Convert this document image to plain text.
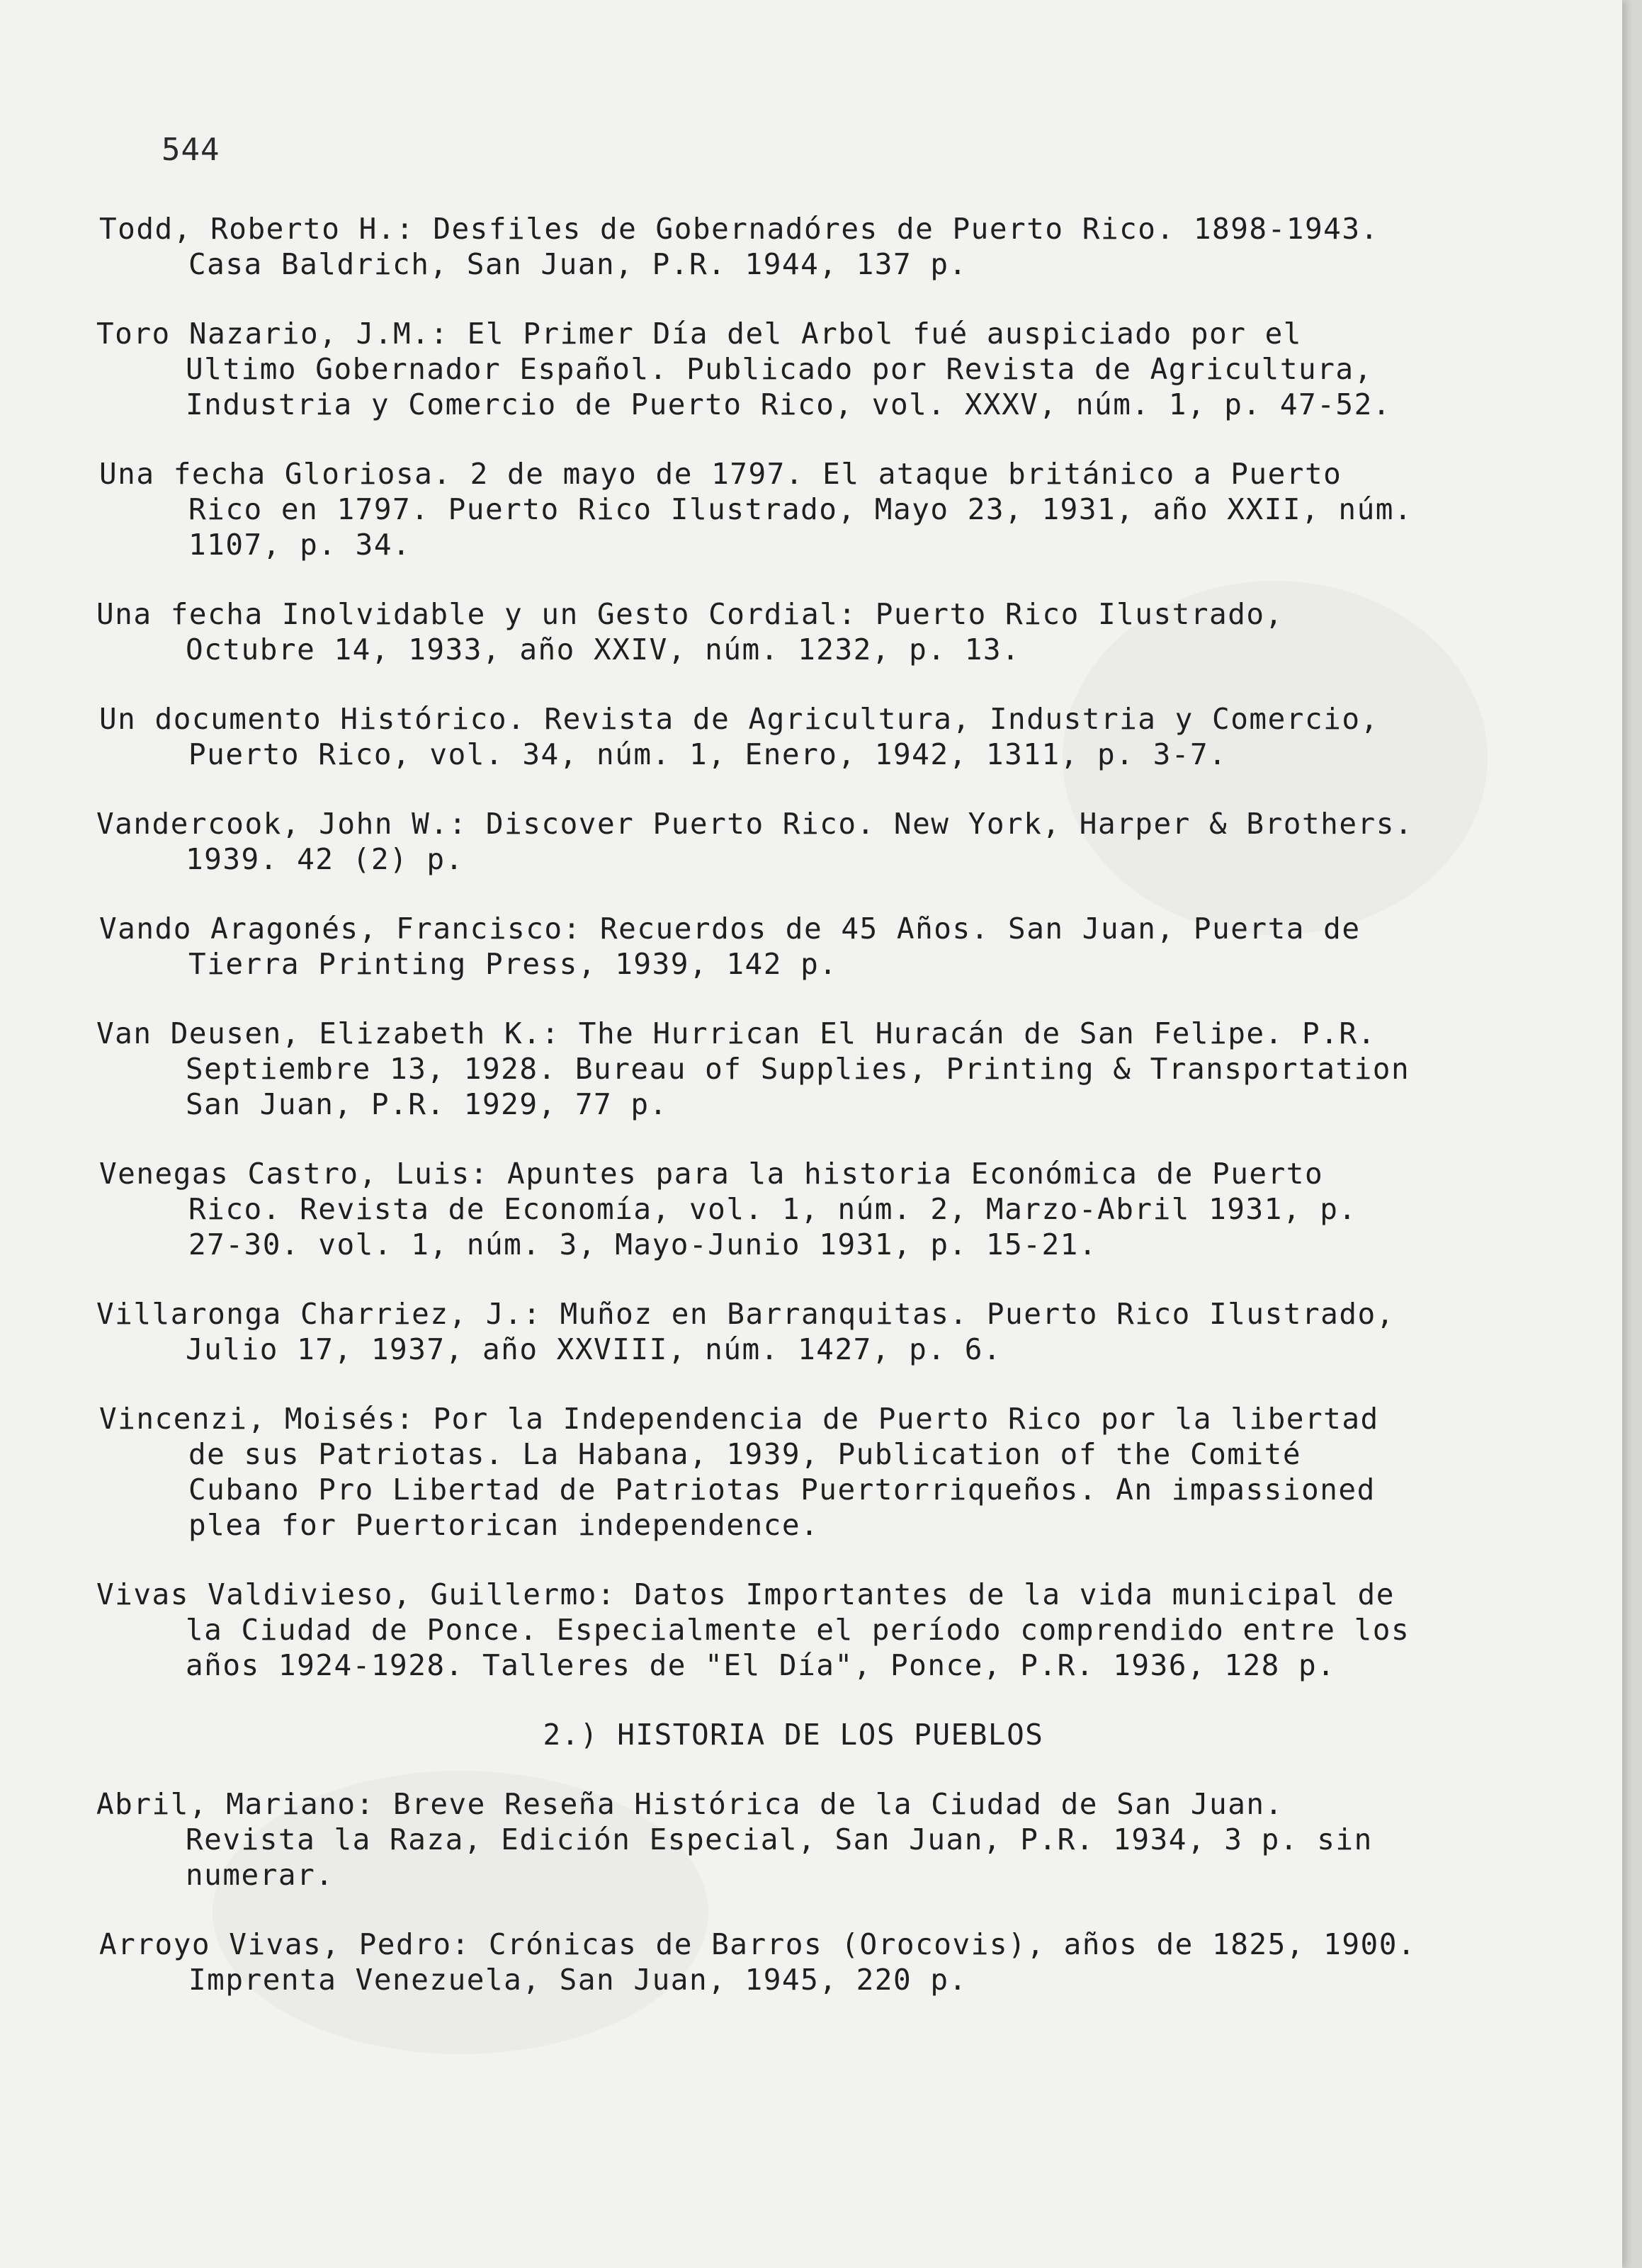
544

Todd, Roberto H.: Desfiles de Gobernadóres de Puerto Rico. 1898-1943. Casa Baldrich, San Juan, P.R. 1944, 137 p.

Toro Nazario, J.M.: El Primer Día del Arbol fué auspiciado por el Ultimo Gobernador Español. Publicado por Revista de Agricultura, Industria y Comercio de Puerto Rico, vol. XXXV, núm. 1, p. 47-52.

Una fecha Gloriosa. 2 de mayo de 1797. El ataque británico a Puerto Rico en 1797. Puerto Rico Ilustrado, Mayo 23, 1931, año XXII, núm. 1107, p. 34.

Una fecha Inolvidable y un Gesto Cordial: Puerto Rico Ilustrado, Octubre 14, 1933, año XXIV, núm. 1232, p. 13.

Un documento Histórico. Revista de Agricultura, Industria y Comercio, Puerto Rico, vol. 34, núm. 1, Enero, 1942, 1311, p. 3-7.

Vandercook, John W.: Discover Puerto Rico. New York, Harper & Brothers. 1939. 42 (2) p.

Vando Aragonés, Francisco: Recuerdos de 45 Años. San Juan, Puerta de Tierra Printing Press, 1939, 142 p.

Van Deusen, Elizabeth K.: The Hurrican El Huracán de San Felipe. P.R. Septiembre 13, 1928. Bureau of Supplies, Printing & Transportation San Juan, P.R. 1929, 77 p.

Venegas Castro, Luis: Apuntes para la historia Económica de Puerto Rico. Revista de Economía, vol. 1, núm. 2, Marzo-Abril 1931, p. 27-30. vol. 1, núm. 3, Mayo-Junio 1931, p. 15-21.

Villaronga Charriez, J.: Muñoz en Barranquitas. Puerto Rico Ilustrado, Julio 17, 1937, año XXVIII, núm. 1427, p. 6.

Vincenzi, Moisés: Por la Independencia de Puerto Rico por la libertad de sus Patriotas. La Habana, 1939, Publication of the Comité Cubano Pro Libertad de Patriotas Puertorriqueños. An impassioned plea for Puertorican independence.

Vivas Valdivieso, Guillermo: Datos Importantes de la vida municipal de la Ciudad de Ponce. Especialmente el período comprendido entre los años 1924-1928. Talleres de "El Día", Ponce, P.R. 1936, 128 p.

2.) HISTORIA DE LOS PUEBLOS

Abril, Mariano: Breve Reseña Histórica de la Ciudad de San Juan. Revista la Raza, Edición Especial, San Juan, P.R. 1934, 3 p. sin numerar.

Arroyo Vivas, Pedro: Crónicas de Barros (Orocovis), años de 1825, 1900. Imprenta Venezuela, San Juan, 1945, 220 p.
